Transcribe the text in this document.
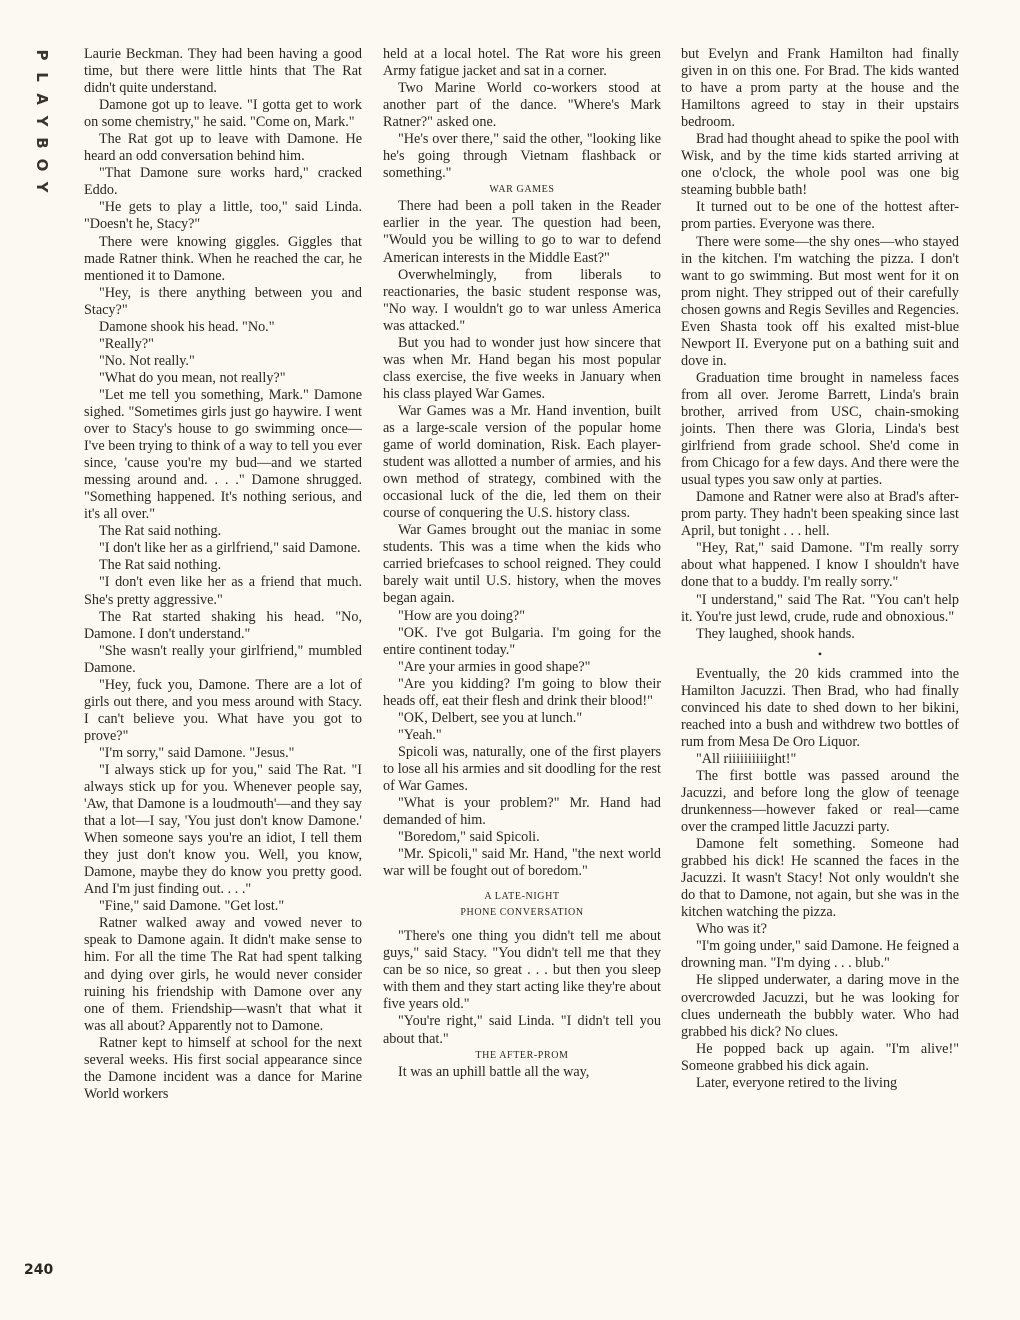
P
L
A
Y
B
O
Y
240

Laurie Beckman. They had been having a good time, but there were little hints that The Rat didn't quite understand.

Damone got up to leave. "I gotta get to work on some chemistry," he said. "Come on, Mark."

The Rat got up to leave with Damone. He heard an odd conversation behind him.

"That Damone sure works hard," cracked Eddo.

"He gets to play a little, too," said Linda. "Doesn't he, Stacy?"

There were knowing giggles. Giggles that made Ratner think. When he reached the car, he mentioned it to Damone.

"Hey, is there anything between you and Stacy?"

Damone shook his head. "No."

"Really?"

"No. Not really."

"What do you mean, not really?"

"Let me tell you something, Mark." Damone sighed. "Sometimes girls just go haywire. I went over to Stacy's house to go swimming once—I've been trying to think of a way to tell you ever since, 'cause you're my bud—and we started messing around and. . . ." Damone shrugged. "Something happened. It's nothing serious, and it's all over."

The Rat said nothing.

"I don't like her as a girlfriend," said Damone.

The Rat said nothing.

"I don't even like her as a friend that much. She's pretty aggressive."

The Rat started shaking his head. "No, Damone. I don't understand."

"She wasn't really your girlfriend," mumbled Damone.

"Hey, fuck you, Damone. There are a lot of girls out there, and you mess around with Stacy. I can't believe you. What have you got to prove?"

"I'm sorry," said Damone. "Jesus."

"I always stick up for you," said The Rat. "I always stick up for you. Whenever people say, 'Aw, that Damone is a loudmouth'—and they say that a lot—I say, 'You just don't know Damone.' When someone says you're an idiot, I tell them they just don't know you. Well, you know, Damone, maybe they do know you pretty good. And I'm just finding out. . . ."

"Fine," said Damone. "Get lost."

Ratner walked away and vowed never to speak to Damone again. It didn't make sense to him. For all the time The Rat had spent talking and dying over girls, he would never consider ruining his friendship with Damone over any one of them. Friendship—wasn't that what it was all about? Apparently not to Damone.

Ratner kept to himself at school for the next several weeks. His first social appearance since the Damone incident was a dance for Marine World workers

held at a local hotel. The Rat wore his green Army fatigue jacket and sat in a corner.

Two Marine World co-workers stood at another part of the dance. "Where's Mark Ratner?" asked one.

"He's over there," said the other, "looking like he's going through Vietnam flashback or something."

WAR GAMES

There had been a poll taken in the Reader earlier in the year. The question had been, "Would you be willing to go to war to defend American interests in the Middle East?"

Overwhelmingly, from liberals to reactionaries, the basic student response was, "No way. I wouldn't go to war unless America was attacked."

But you had to wonder just how sincere that was when Mr. Hand began his most popular class exercise, the five weeks in January when his class played War Games.

War Games was a Mr. Hand invention, built as a large-scale version of the popular home game of world domination, Risk. Each player-student was allotted a number of armies, and his own method of strategy, combined with the occasional luck of the die, led them on their course of conquering the U.S. history class.

War Games brought out the maniac in some students. This was a time when the kids who carried briefcases to school reigned. They could barely wait until U.S. history, when the moves began again.

"How are you doing?"

"OK. I've got Bulgaria. I'm going for the entire continent today."

"Are your armies in good shape?"

"Are you kidding? I'm going to blow their heads off, eat their flesh and drink their blood!"

"OK, Delbert, see you at lunch."

"Yeah."

Spicoli was, naturally, one of the first players to lose all his armies and sit doodling for the rest of War Games.

"What is your problem?" Mr. Hand had demanded of him.

"Boredom," said Spicoli.

"Mr. Spicoli," said Mr. Hand, "the next world war will be fought out of boredom."

A LATE-NIGHT
PHONE CONVERSATION

"There's one thing you didn't tell me about guys," said Stacy. "You didn't tell me that they can be so nice, so great . . . but then you sleep with them and they start acting like they're about five years old."

"You're right," said Linda. "I didn't tell you about that."

THE AFTER-PROM

It was an uphill battle all the way,

but Evelyn and Frank Hamilton had finally given in on this one. For Brad. The kids wanted to have a prom party at the house and the Hamiltons agreed to stay in their upstairs bedroom.

Brad had thought ahead to spike the pool with Wisk, and by the time kids started arriving at one o'clock, the whole pool was one big steaming bubble bath!

It turned out to be one of the hottest after-prom parties. Everyone was there.

There were some—the shy ones—who stayed in the kitchen. I'm watching the pizza. I don't want to go swimming. But most went for it on prom night. They stripped out of their carefully chosen gowns and Regis Sevilles and Regencies. Even Shasta took off his exalted mist-blue Newport II. Everyone put on a bathing suit and dove in.

Graduation time brought in nameless faces from all over. Jerome Barrett, Linda's brain brother, arrived from USC, chain-smoking joints. Then there was Gloria, Linda's best girlfriend from grade school. She'd come in from Chicago for a few days. And there were the usual types you saw only at parties.

Damone and Ratner were also at Brad's after-prom party. They hadn't been speaking since last April, but tonight . . . hell.

"Hey, Rat," said Damone. "I'm really sorry about what happened. I know I shouldn't have done that to a buddy. I'm really sorry."

"I understand," said The Rat. "You can't help it. You're just lewd, crude, rude and obnoxious."

They laughed, shook hands.

•

Eventually, the 20 kids crammed into the Hamilton Jacuzzi. Then Brad, who had finally convinced his date to shed down to her bikini, reached into a bush and withdrew two bottles of rum from Mesa De Oro Liquor.

"All riiiiiiiiiight!"

The first bottle was passed around the Jacuzzi, and before long the glow of teenage drunkenness—however faked or real—came over the cramped little Jacuzzi party.

Damone felt something. Someone had grabbed his dick! He scanned the faces in the Jacuzzi. It wasn't Stacy! Not only wouldn't she do that to Damone, not again, but she was in the kitchen watching the pizza.

Who was it?

"I'm going under," said Damone. He feigned a drowning man. "I'm dying . . . blub."

He slipped underwater, a daring move in the overcrowded Jacuzzi, but he was looking for clues underneath the bubbly water. Who had grabbed his dick? No clues.

He popped back up again. "I'm alive!" Someone grabbed his dick again.

Later, everyone retired to the living
